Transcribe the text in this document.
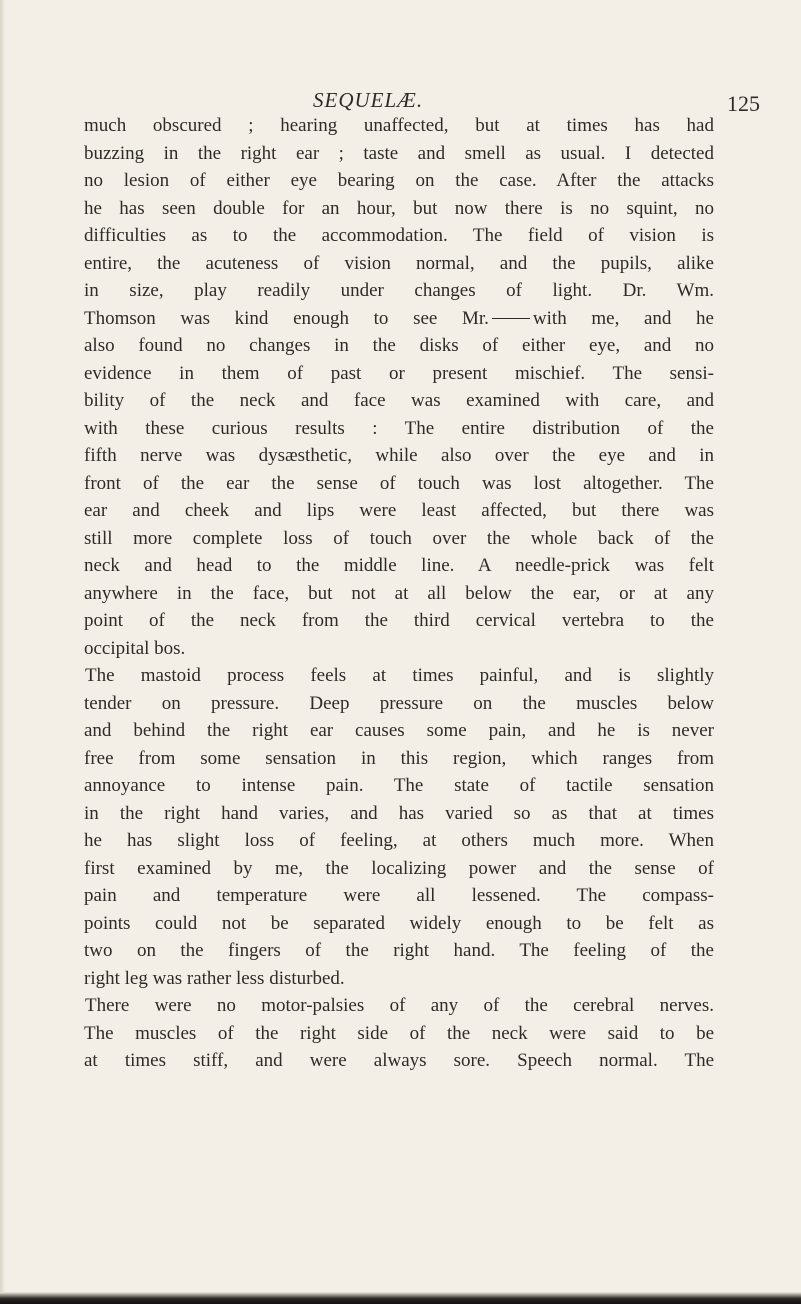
SEQUELÆ.	125
much obscured ; hearing unaffected, but at times has had
buzzing in the right ear ; taste and smell as usual. I detected
no lesion of either eye bearing on the case. After the attacks
he has seen double for an hour, but now there is no squint, no
difficulties as to the accommodation. The field of vision is
entire, the acuteness of vision normal, and the pupils, alike
in size, play readily under changes of light. Dr. Wm.
Thomson was kind enough to see Mr. with me, and he
also found no changes in the disks of either eye, and no
evidence in them of past or present mischief. The sensi-
bility of the neck and face was examined with care, and
with these curious results : The entire distribution of the
fifth nerve was dysæsthetic, while also over the eye and in
front of the ear the sense of touch was lost altogether. The
ear and cheek and lips were least affected, but there was
still more complete loss of touch over the whole back of the
neck and head to the middle line. A needle-prick was felt
anywhere in the face, but not at all below the ear, or at any
point of the neck from the third cervical vertebra to the
occipital bos.
The mastoid process feels at times painful, and is slightly
tender on pressure. Deep pressure on the muscles below
and behind the right ear causes some pain, and he is never
free from some sensation in this region, which ranges from
annoyance to intense pain. The state of tactile sensation
in the right hand varies, and has varied so as that at times
he has slight loss of feeling, at others much more. When
first examined by me, the localizing power and the sense of
pain and temperature were all lessened. The compass-
points could not be separated widely enough to be felt as
two on the fingers of the right hand. The feeling of the
right leg was rather less disturbed.
There were no motor-palsies of any of the cerebral nerves.
The muscles of the right side of the neck were said to be
at times stiff, and were always sore. Speech normal. The
